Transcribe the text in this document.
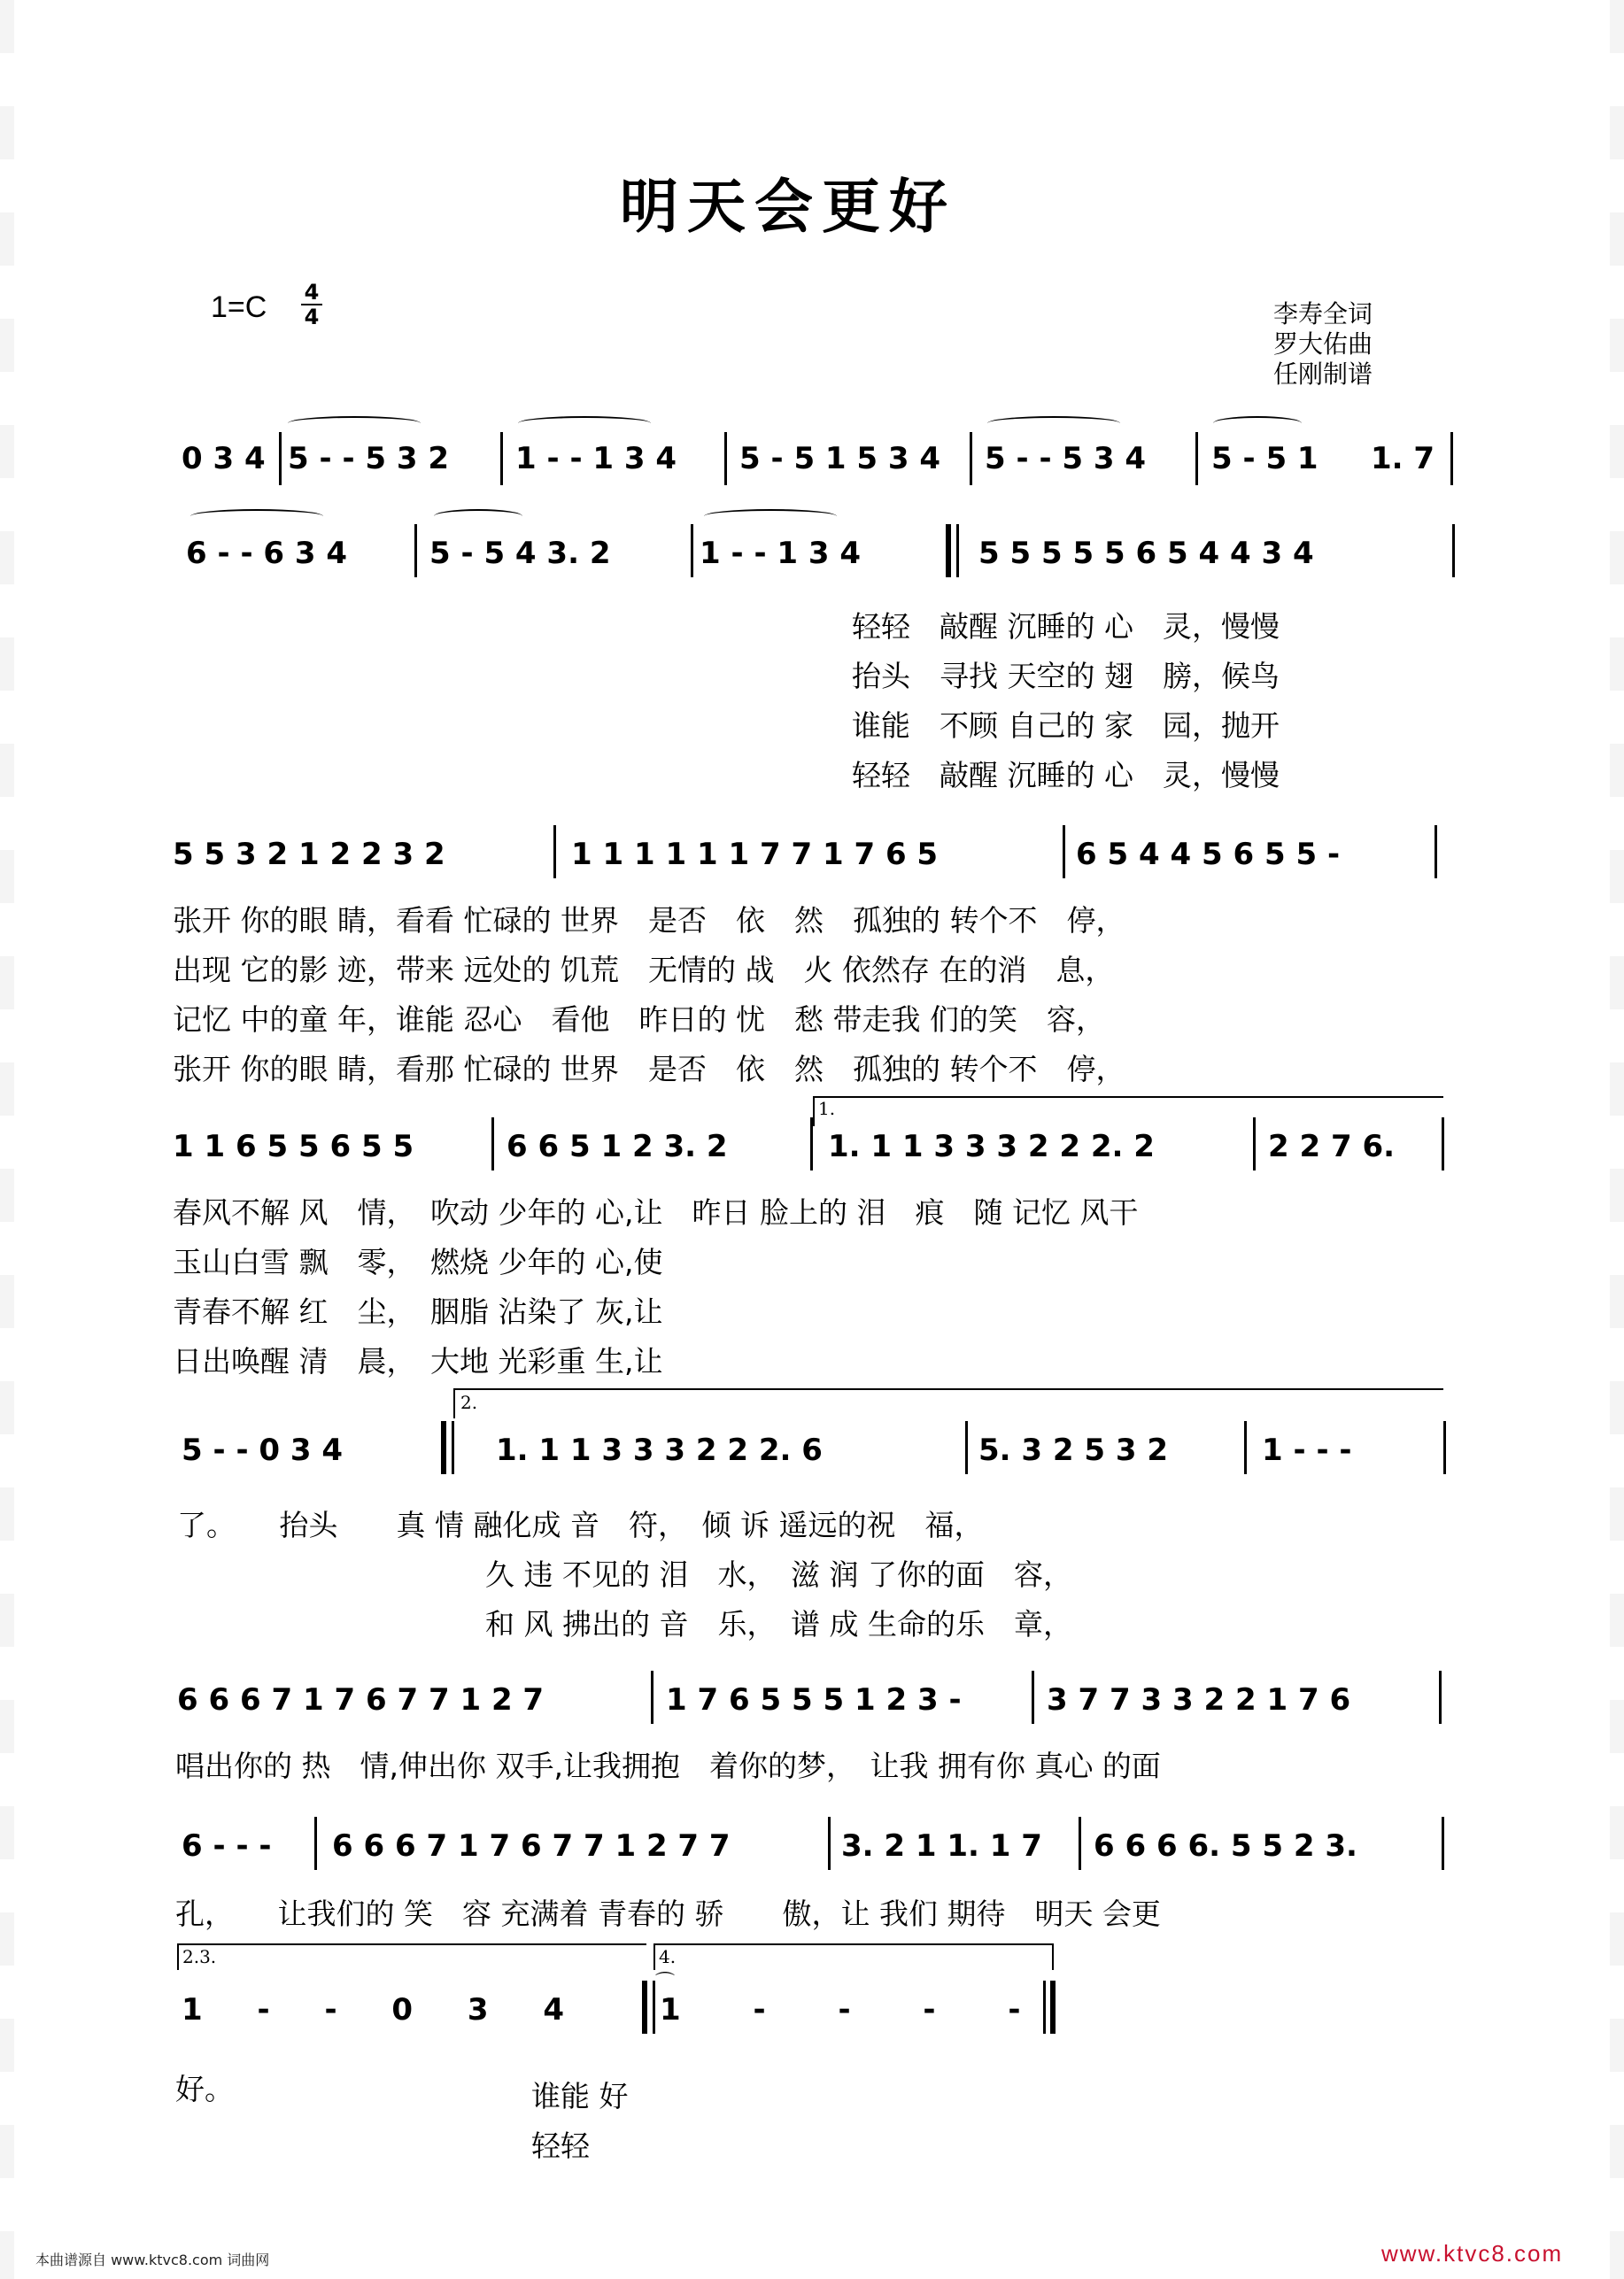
明天会更好
1=C 4
4	李寿全词
罗大佑曲
任刚制谱
0 3 4 5 - - 5 3 2 1 - - 1 3 4 5 - 5 1 5 3 4 5 - - 5 3 4 5 - 5 1 1. 7
6 - - 6 3 4	5 - 5 4 3. 2	1 - - 1 3 4	5 5 5 5 5 6 5 4 4 3 4
轻轻　敲醒 沉睡的 心　灵，慢慢
抬头　寻找 天空的 翅　膀，候鸟
谁能　不顾 自己的 家　园，抛开
轻轻　敲醒 沉睡的 心　灵，慢慢
5 5 3 2 1 2 2 3 2	1 1 1 1 1 1 7 7 1 7 6 5	6 5 4 4 5 6 5 5 -
张开 你的眼 睛，看看 忙碌的 世界　是否　依　然　孤独的 转个不　停，
出现 它的影 迹，带来 远处的 饥荒　无情的 战　火 依然存 在的消　息，
记忆 中的童 年，谁能 忍心　看他　昨日的 忧　愁 带走我 们的笑　容，
张开 你的眼 睛，看那 忙碌的 世界　是否　依　然　孤独的 转个不　停，
1.
1 1 6 5 5 6 5 5	6 6 5 1 2 3. 2	1. 1 1 3 3 3 2 2 2. 2	2 2 7 6.
春风不解 风　情，　吹动 少年的 心,让　昨日 脸上的 泪　痕　随 记忆 风干
玉山白雪 飘　零，　燃烧 少年的 心,使
青春不解 红　尘，　胭脂 沾染了 灰,让
日出唤醒 清　晨，　大地 光彩重 生,让
2.
5 - - 0 3 4	1. 1 1 3 3 3 2 2 2. 6	5. 3 2 5 3 2	1 - - -
了。　　抬头　　真 情 融化成 音　符，　倾 诉 遥远的祝　福，
久 违 不见的 泪　水，　滋 润 了你的面　容，
和 风 拂出的 音　乐，　谱 成 生命的乐　章，
6 6 6 7 1 7 6 7 7 1 2 7	1 7 6 5 5 5 1 2 3 -	3 7 7 3 3 2 2 1 7 6
唱出你的 热　情,伸出你 双手,让我拥抱　着你的梦，　让我 拥有你 真心 的面
6 - - - 6 6 6 7 1 7 6 7 7 1 2 7 7	3. 2 1 1. 1 7 6 6 6 6. 5 5 2 3.
孔，　　让我们的 笑　容 充满着 青春的 骄　　傲，让 我们 期待　明天 会更
2.3.	4.
1 - - 0 3 4	1 - - - -
⌒
好。	谁能 好
轻轻
本曲谱源自 www.ktvc8.com 词曲网	www.ktvc8.com
